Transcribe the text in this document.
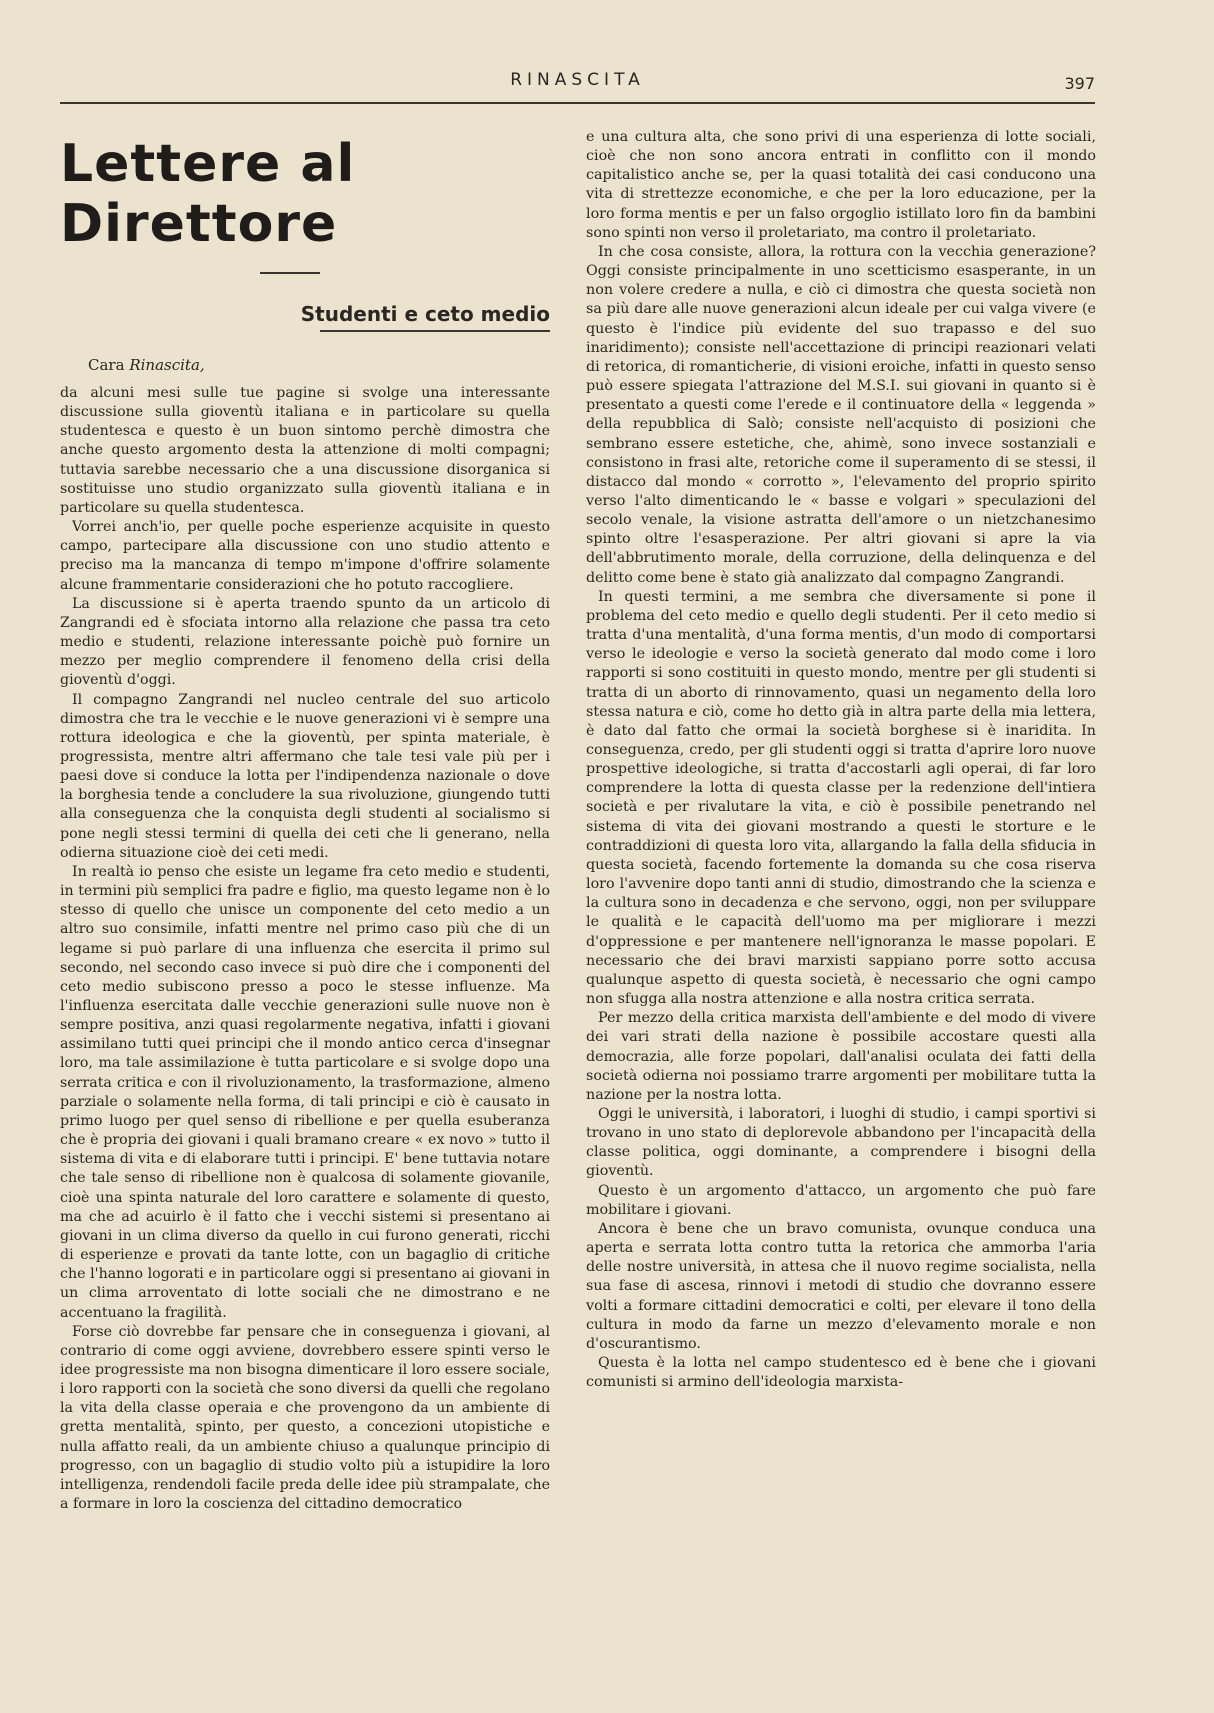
RINASCITA	397
Lettere al Direttore
Studenti e ceto medio
Cara Rinascita,

da alcuni mesi sulle tue pagine si svolge una interessante discussione sulla gioventù italiana e in particolare su quella studentesca e questo è un buon sintomo perchè dimostra che anche questo argomento desta la attenzione di molti compagni; tuttavia sarebbe necessario che a una discussione disorganica si sostituisse uno studio organizzato sulla gioventù italiana e in particolare su quella studentesca.

Vorrei anch'io, per quelle poche esperienze acquisite in questo campo, partecipare alla discussione con uno studio attento e preciso ma la mancanza di tempo m'impone d'offrire solamente alcune frammentarie considerazioni che ho potuto raccogliere.

La discussione si è aperta traendo spunto da un articolo di Zangrandi ed è sfociata intorno alla relazione che passa tra ceto medio e studenti, relazione interessante poichè può fornire un mezzo per meglio comprendere il fenomeno della crisi della gioventù d'oggi.

Il compagno Zangrandi nel nucleo centrale del suo articolo dimostra che tra le vecchie e le nuove generazioni vi è sempre una rottura ideologica e che la gioventù, per spinta materiale, è progressista, mentre altri affermano che tale tesi vale più per i paesi dove si conduce la lotta per l'indipendenza nazionale o dove la borghesia tende a concludere la sua rivoluzione, giungendo tutti alla conseguenza che la conquista degli studenti al socialismo si pone negli stessi termini di quella dei ceti che li generano, nella odierna situazione cioè dei ceti medi.

In realtà io penso che esiste un legame fra ceto medio e studenti, in termini più semplici fra padre e figlio, ma questo legame non è lo stesso di quello che unisce un componente del ceto medio a un altro suo consimile, infatti mentre nel primo caso più che di un legame si può parlare di una influenza che esercita il primo sul secondo, nel secondo caso invece si può dire che i componenti del ceto medio subiscono presso a poco le stesse influenze. Ma l'influenza esercitata dalle vecchie generazioni sulle nuove non è sempre positiva, anzi quasi regolarmente negativa, infatti i giovani assimilano tutti quei principi che il mondo antico cerca d'insegnar loro, ma tale assimilazione è tutta particolare e si svolge dopo una serrata critica e con il rivoluzionamento, la trasformazione, almeno parziale o solamente nella forma, di tali principi e ciò è causato in primo luogo per quel senso di ribellione e per quella esuberanza che è propria dei giovani i quali bramano creare « ex novo » tutto il sistema di vita e di elaborare tutti i principi. E' bene tuttavia notare che tale senso di ribellione non è qualcosa di solamente giovanile, cioè una spinta naturale del loro carattere e solamente di questo, ma che ad acuirlo è il fatto che i vecchi sistemi si presentano ai giovani in un clima diverso da quello in cui furono generati, ricchi di esperienze e provati da tante lotte, con un bagaglio di critiche che l'hanno logorati e in particolare oggi si presentano ai giovani in un clima arroventato di lotte sociali che ne dimostrano e ne accentuano la fragilità.

Forse ciò dovrebbe far pensare che in conseguenza i giovani, al contrario di come oggi avviene, dovrebbero essere spinti verso le idee progressiste ma non bisogna dimenticare il loro essere sociale, i loro rapporti con la società che sono diversi da quelli che regolano la vita della classe operaia e che provengono da un ambiente di gretta mentalità, spinto, per questo, a concezioni utopistiche e nulla affatto reali, da un ambiente chiuso a qualunque principio di progresso, con un bagaglio di studio volto più a istupidire la loro intelligenza, rendendoli facile preda delle idee più strampalate, che a formare in loro la coscienza del cittadino democratico

e una cultura alta, che sono privi di una esperienza di lotte sociali, cioè che non sono ancora entrati in conflitto con il mondo capitalistico anche se, per la quasi totalità dei casi conducono una vita di strettezze economiche, e che per la loro educazione, per la loro forma mentis e per un falso orgoglio istillato loro fin da bambini sono spinti non verso il proletariato, ma contro il proletariato.

In che cosa consiste, allora, la rottura con la vecchia generazione? Oggi consiste principalmente in uno scetticismo esasperante, in un non volere credere a nulla, e ciò ci dimostra che questa società non sa più dare alle nuove generazioni alcun ideale per cui valga vivere (e questo è l'indice più evidente del suo trapasso e del suo inaridimento); consiste nell'accettazione di principi reazionari velati di retorica, di romanticherie, di visioni eroiche, infatti in questo senso può essere spiegata l'attrazione del M.S.I. sui giovani in quanto si è presentato a questi come l'erede e il continuatore della « leggenda » della repubblica di Salò; consiste nell'acquisto di posizioni che sembrano essere estetiche, che, ahimè, sono invece sostanziali e consistono in frasi alte, retoriche come il superamento di se stessi, il distacco dal mondo « corrotto », l'elevamento del proprio spirito verso l'alto dimenticando le « basse e volgari » speculazioni del secolo venale, la visione astratta dell'amore o un nietzchanesimo spinto oltre l'esasperazione. Per altri giovani si apre la via dell'abbrutimento morale, della corruzione, della delinquenza e del delitto come bene è stato già analizzato dal compagno Zangrandi.

In questi termini, a me sembra che diversamente si pone il problema del ceto medio e quello degli studenti. Per il ceto medio si tratta d'una mentalità, d'una forma mentis, d'un modo di comportarsi verso le ideologie e verso la società generato dal modo come i loro rapporti si sono costituiti in questo mondo, mentre per gli studenti si tratta di un aborto di rinnovamento, quasi un negamento della loro stessa natura e ciò, come ho detto già in altra parte della mia lettera, è dato dal fatto che ormai la società borghese si è inaridita. In conseguenza, credo, per gli studenti oggi si tratta d'aprire loro nuove prospettive ideologiche, si tratta d'accostarli agli operai, di far loro comprendere la lotta di questa classe per la redenzione dell'intiera società e per rivalutare la vita, e ciò è possibile penetrando nel sistema di vita dei giovani mostrando a questi le storture e le contraddizioni di questa loro vita, allargando la falla della sfiducia in questa società, facendo fortemente la domanda su che cosa riserva loro l'avvenire dopo tanti anni di studio, dimostrando che la scienza e la cultura sono in decadenza e che servono, oggi, non per sviluppare le qualità e le capacità dell'uomo ma per migliorare i mezzi d'oppressione e per mantenere nell'ignoranza le masse popolari. E necessario che dei bravi marxisti sappiano porre sotto accusa qualunque aspetto di questa società, è necessario che ogni campo non sfugga alla nostra attenzione e alla nostra critica serrata.

Per mezzo della critica marxista dell'ambiente e del modo di vivere dei vari strati della nazione è possibile accostare questi alla democrazia, alle forze popolari, dall'analisi oculata dei fatti della società odierna noi possiamo trarre argomenti per mobilitare tutta la nazione per la nostra lotta.

Oggi le università, i laboratori, i luoghi di studio, i campi sportivi si trovano in uno stato di deplorevole abbandono per l'incapacità della classe politica, oggi dominante, a comprendere i bisogni della gioventù.

Questo è un argomento d'attacco, un argomento che può fare mobilitare i giovani.

Ancora è bene che un bravo comunista, ovunque conduca una aperta e serrata lotta contro tutta la retorica che ammorba l'aria delle nostre università, in attesa che il nuovo regime socialista, nella sua fase di ascesa, rinnovi i metodi di studio che dovranno essere volti a formare cittadini democratici e colti, per elevare il tono della cultura in modo da farne un mezzo d'elevamento morale e non d'oscurantismo.

Questa è la lotta nel campo studentesco ed è bene che i giovani comunisti si armino dell'ideologia marxista-
